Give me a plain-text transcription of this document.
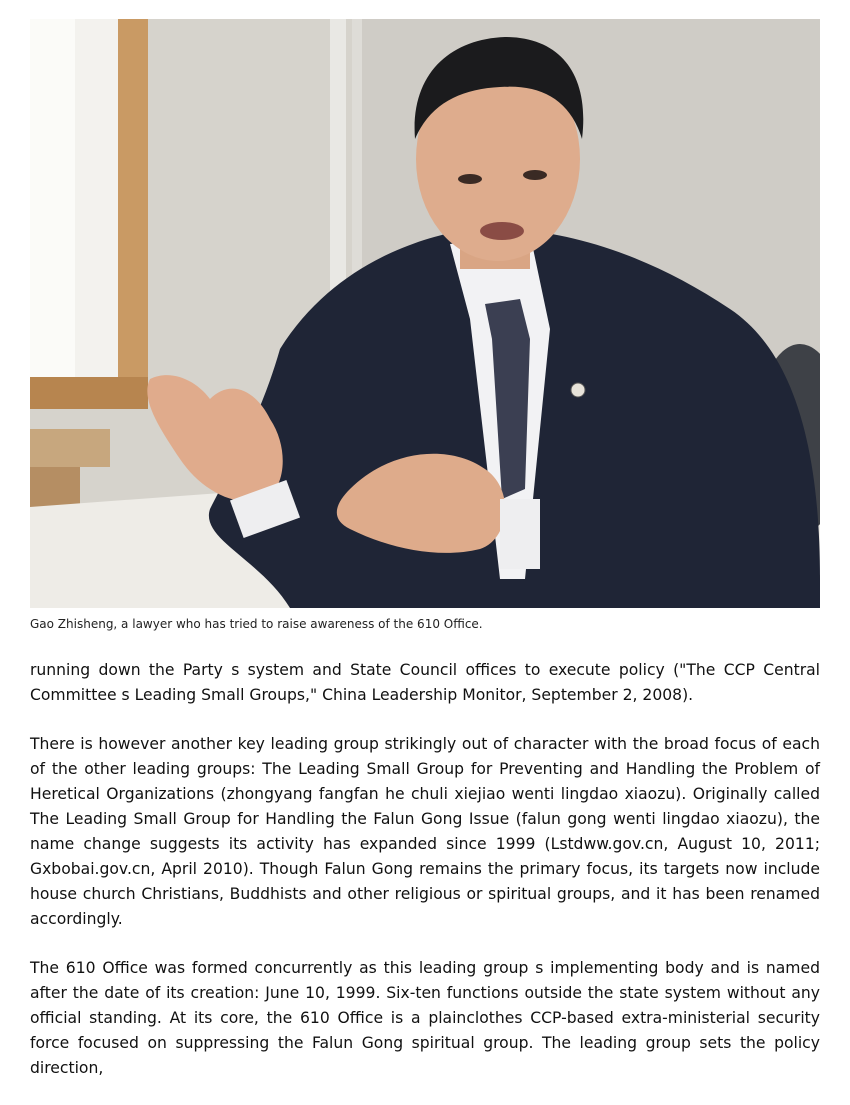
Gao Zhisheng, a lawyer who has tried to raise awareness of the 610 Office.

running down the Party s system and State Council offices to execute policy ("The CCP Central Committee s Leading Small Groups," China Leadership Monitor, September 2, 2008).

There is however another key leading group strikingly out of character with the broad focus of each of the other leading groups: The Leading Small Group for Preventing and Handling the Problem of Heretical Organizations (zhongyang fangfan he chuli xiejiao wenti lingdao xiaozu). Originally called The Leading Small Group for Handling the Falun Gong Issue (falun gong wenti lingdao xiaozu), the name change suggests its activity has expanded since 1999 (Lstdww.gov.cn, August 10, 2011; Gxbobai.gov.cn, April 2010). Though Falun Gong remains the primary focus, its targets now include house church Christians, Buddhists and other religious or spiritual groups, and it has been renamed accordingly.

The 610 Office was formed concurrently as this leading group s implementing body and is named after the date of its creation: June 10, 1999. Six-ten functions outside the state system without any official standing. At its core, the 610 Office is a plainclothes CCP-based extra-ministerial security force focused on suppressing the Falun Gong spiritual group. The leading group sets the policy direction,
